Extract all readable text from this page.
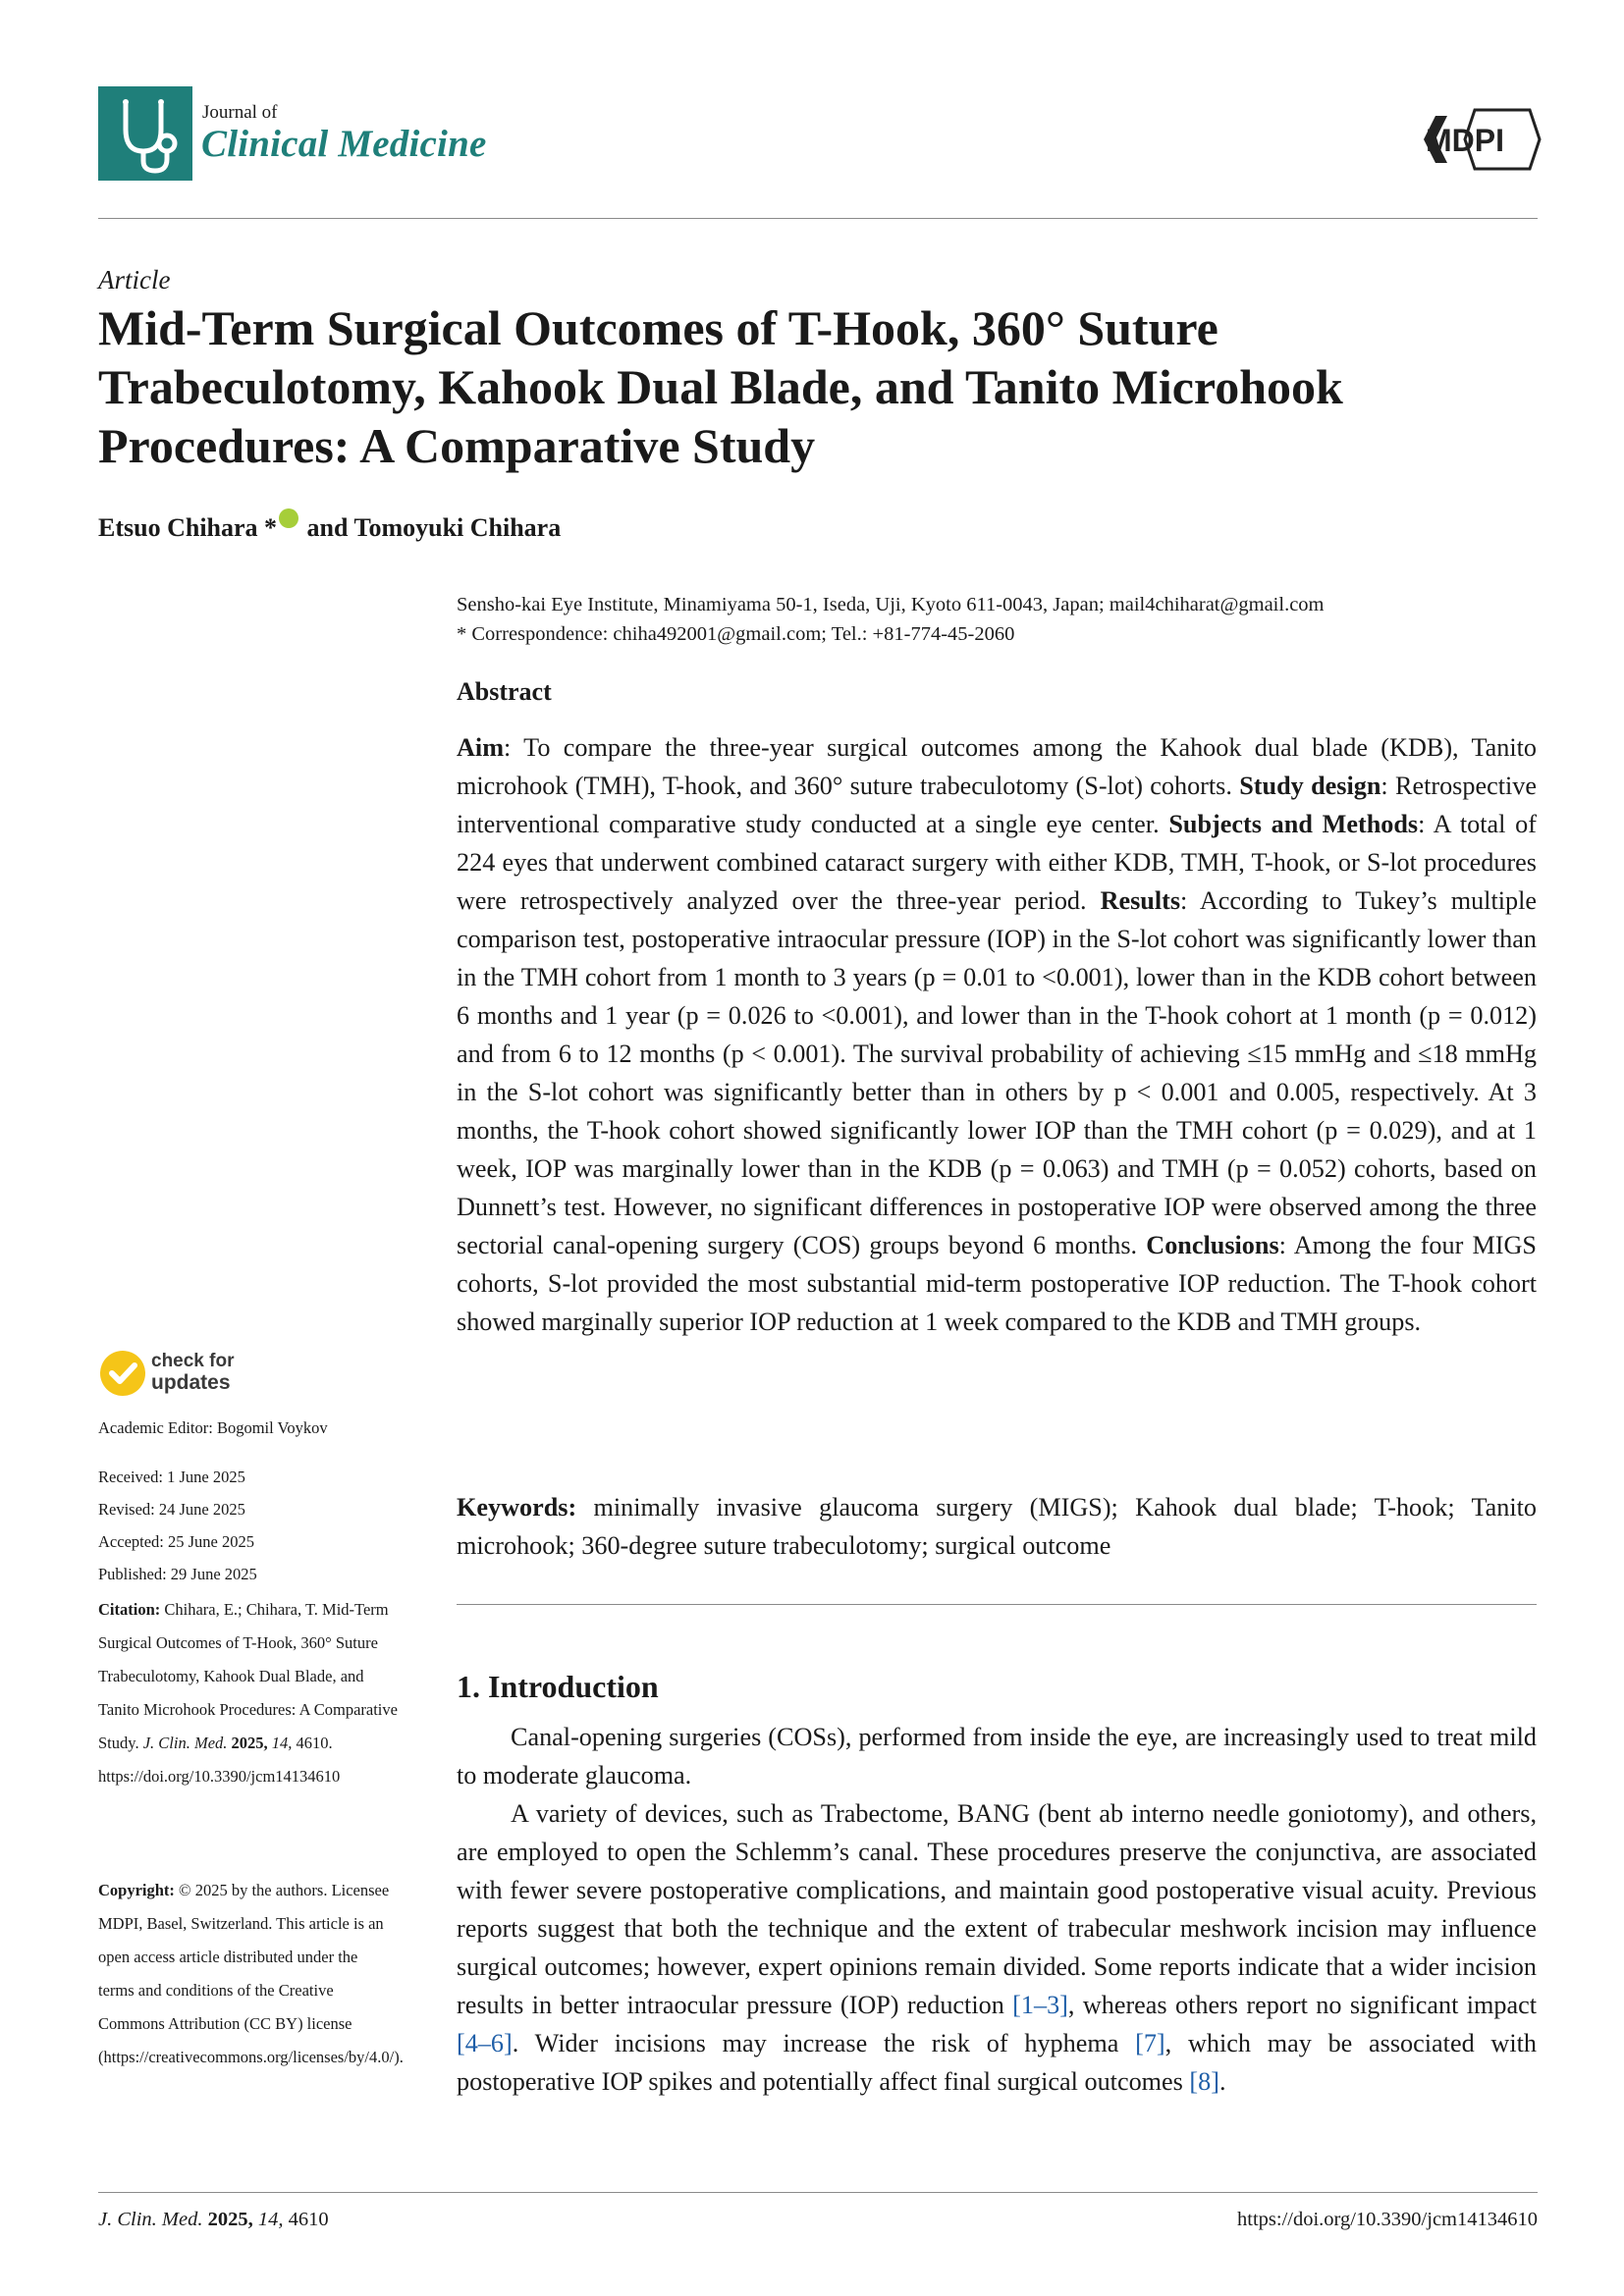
Journal of
Clinical Medicine	MDPI
Article
Mid-Term Surgical Outcomes of T-Hook, 360° Suture Trabeculotomy, Kahook Dual Blade, and Tanito Microhook Procedures: A Comparative Study
Etsuo Chihara * and Tomoyuki Chihara
Sensho-kai Eye Institute, Minamiyama 50-1, Iseda, Uji, Kyoto 611-0043, Japan; mail4chiharat@gmail.com
* Correspondence: chiha492001@gmail.com; Tel.: +81-774-45-2060
Abstract
Aim: To compare the three-year surgical outcomes among the Kahook dual blade (KDB), Tanito microhook (TMH), T-hook, and 360° suture trabeculotomy (S-lot) cohorts. Study design: Retrospective interventional comparative study conducted at a single eye center. Subjects and Methods: A total of 224 eyes that underwent combined cataract surgery with either KDB, TMH, T-hook, or S-lot procedures were retrospectively analyzed over the three-year period. Results: According to Tukey’s multiple comparison test, postoperative intraocular pressure (IOP) in the S-lot cohort was significantly lower than in the TMH cohort from 1 month to 3 years (p = 0.01 to <0.001), lower than in the KDB cohort between 6 months and 1 year (p = 0.026 to <0.001), and lower than in the T-hook cohort at 1 month (p = 0.012) and from 6 to 12 months (p < 0.001). The survival probability of achieving ≤15 mmHg and ≤18 mmHg in the S-lot cohort was significantly better than in others by p < 0.001 and 0.005, respectively. At 3 months, the T-hook cohort showed significantly lower IOP than the TMH cohort (p = 0.029), and at 1 week, IOP was marginally lower than in the KDB (p = 0.063) and TMH (p = 0.052) cohorts, based on Dunnett’s test. However, no significant differences in postoperative IOP were observed among the three sectorial canal-opening surgery (COS) groups beyond 6 months. Conclusions: Among the four MIGS cohorts, S-lot provided the most substantial mid-term postoperative IOP reduction. The T-hook cohort showed marginally superior IOP reduction at 1 week compared to the KDB and TMH groups.
Keywords: minimally invasive glaucoma surgery (MIGS); Kahook dual blade; T-hook; Tanito microhook; 360-degree suture trabeculotomy; surgical outcome
1. Introduction
Canal-opening surgeries (COSs), performed from inside the eye, are increasingly used to treat mild to moderate glaucoma.
A variety of devices, such as Trabectome, BANG (bent ab interno needle goniotomy), and others, are employed to open the Schlemm’s canal. These procedures preserve the conjunctiva, are associated with fewer severe postoperative complications, and maintain good postoperative visual acuity. Previous reports suggest that both the technique and the extent of trabecular meshwork incision may influence surgical outcomes; however, expert opinions remain divided. Some reports indicate that a wider incision results in better intraocular pressure (IOP) reduction [1–3], whereas others report no significant impact [4–6]. Wider incisions may increase the risk of hyphema [7], which may be associated with postoperative IOP spikes and potentially affect final surgical outcomes [8].
check for
updates
Academic Editor: Bogomil Voykov
Received: 1 June 2025
Revised: 24 June 2025
Accepted: 25 June 2025
Published: 29 June 2025
Citation: Chihara, E.; Chihara, T. Mid-Term Surgical Outcomes of T-Hook, 360° Suture Trabeculotomy, Kahook Dual Blade, and Tanito Microhook Procedures: A Comparative Study. J. Clin. Med. 2025, 14, 4610. https://doi.org/10.3390/jcm14134610
Copyright: © 2025 by the authors. Licensee MDPI, Basel, Switzerland. This article is an open access article distributed under the terms and conditions of the Creative Commons Attribution (CC BY) license (https://creativecommons.org/licenses/by/4.0/).
J. Clin. Med. 2025, 14, 4610	https://doi.org/10.3390/jcm14134610
